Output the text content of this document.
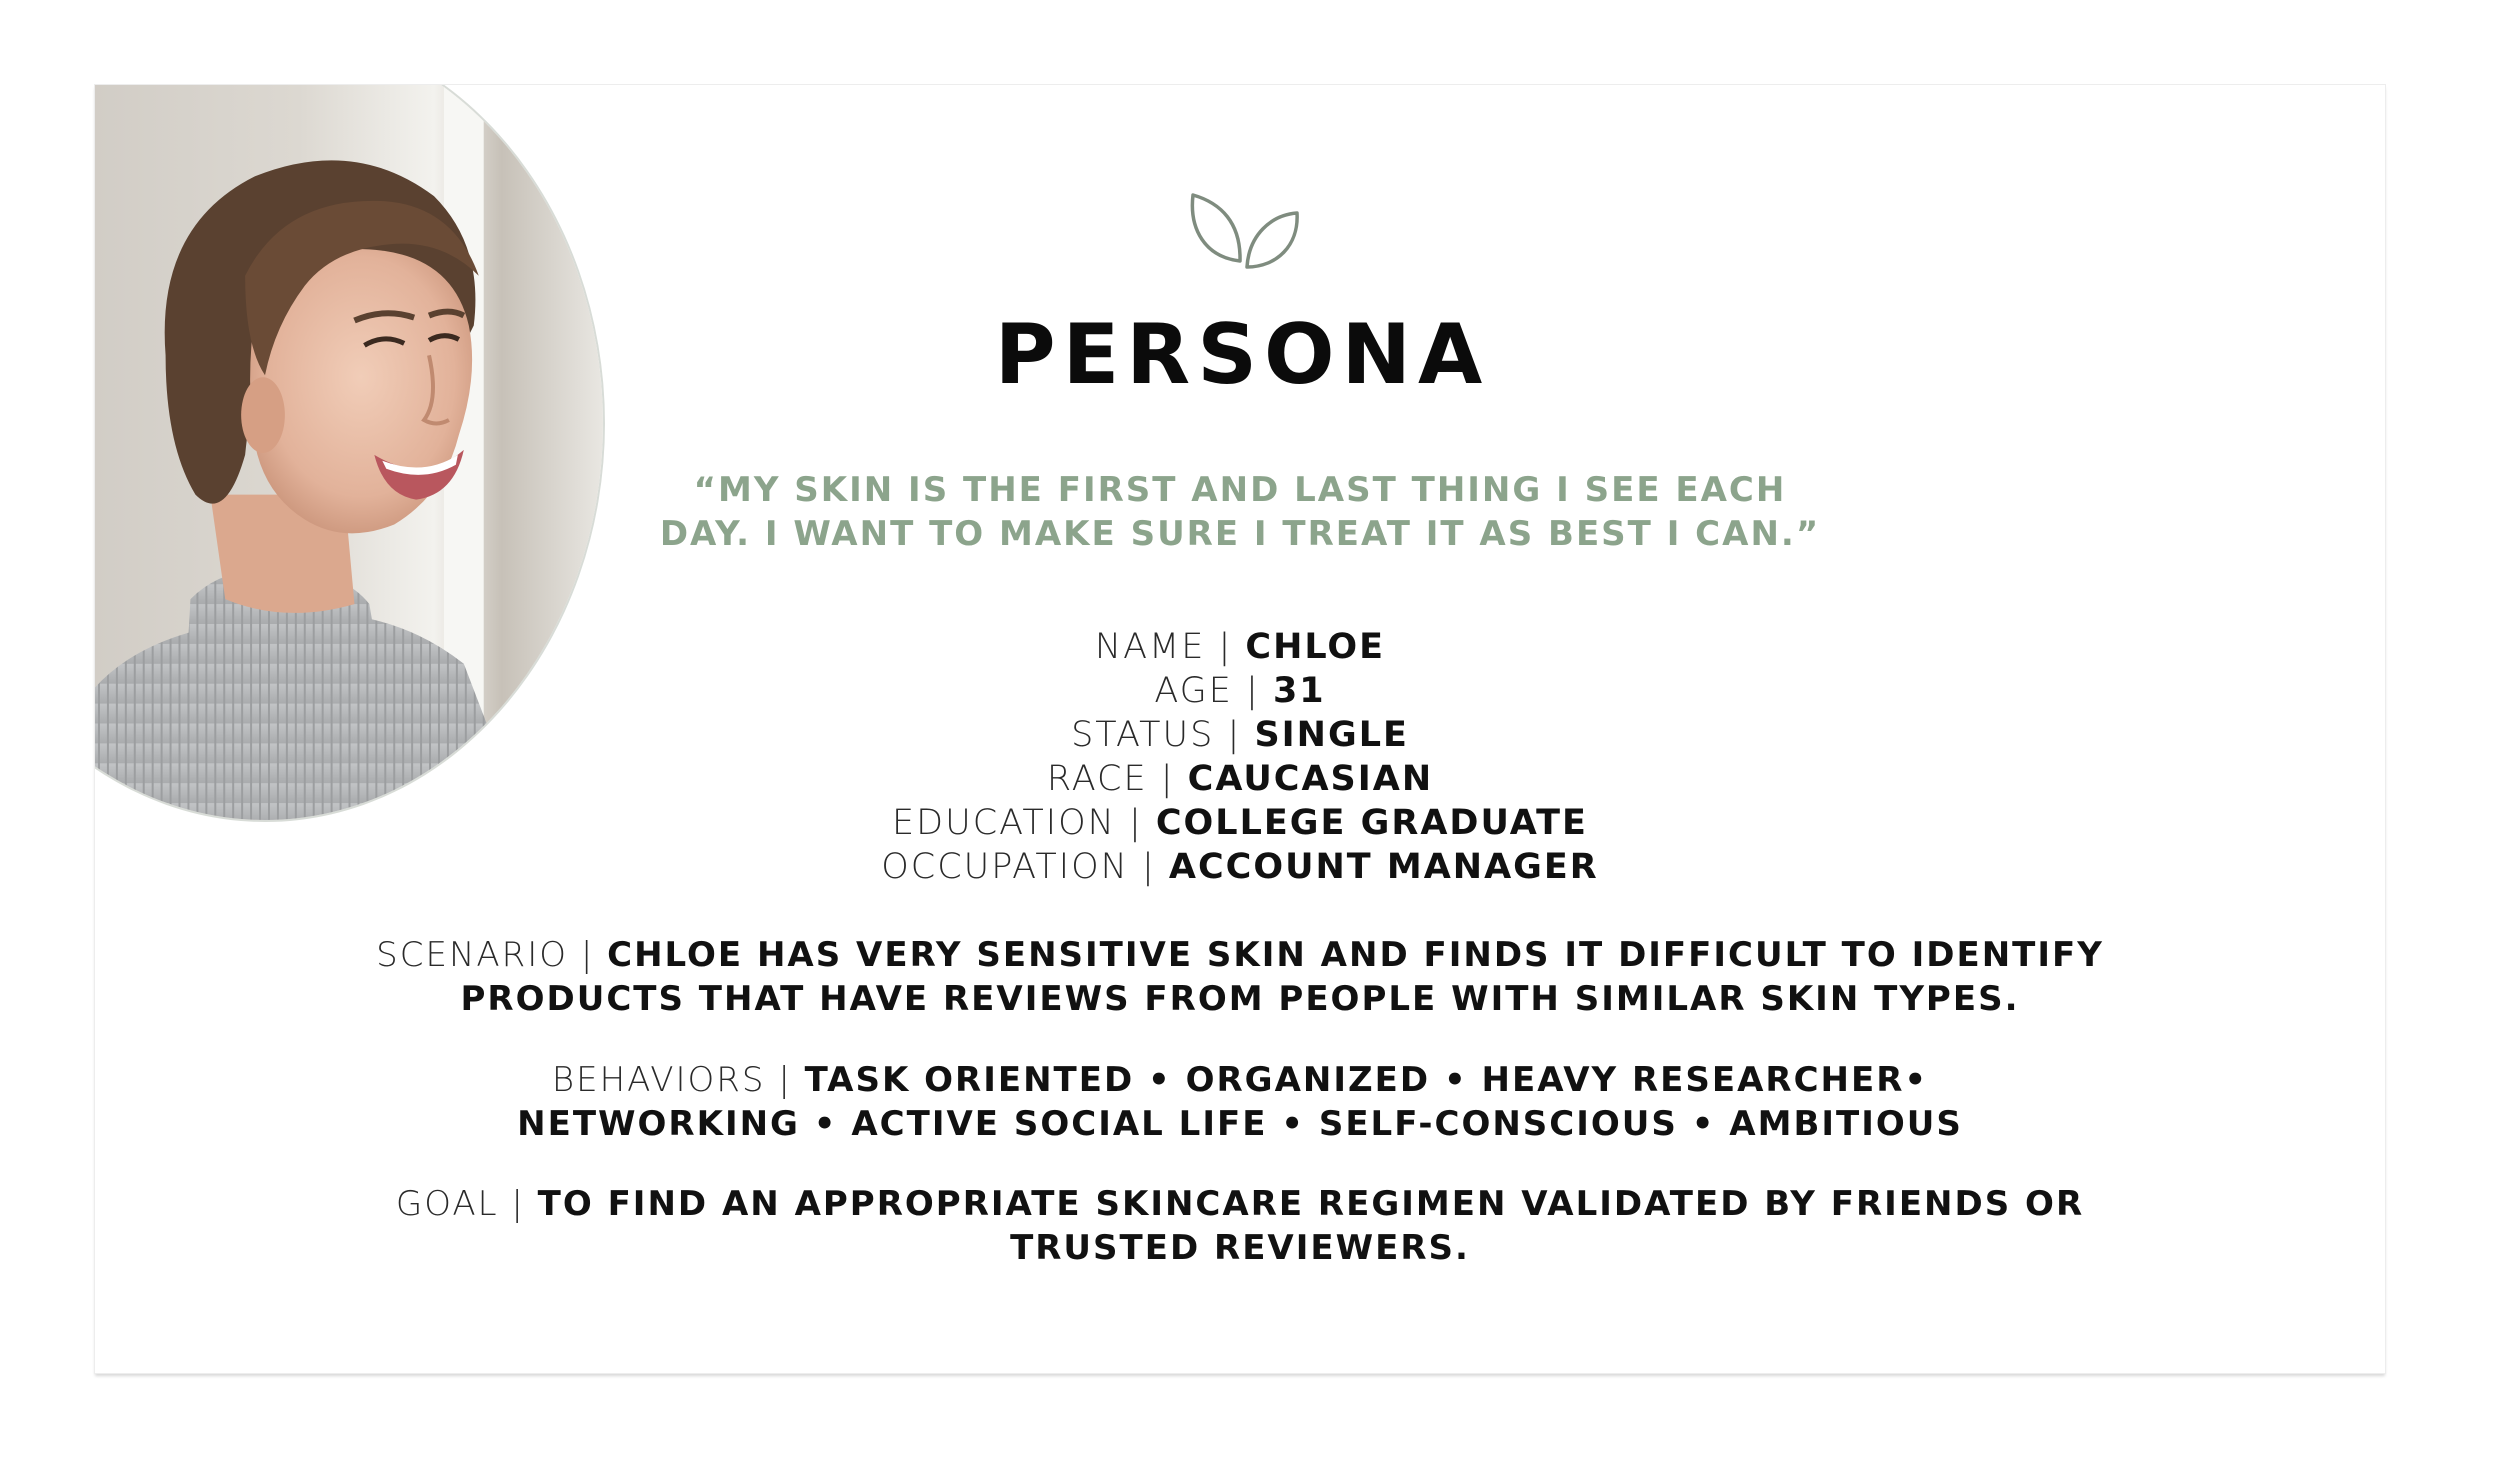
PERSONA
“MY SKIN IS THE FIRST AND LAST THING I SEE EACH
DAY. I WANT TO MAKE SURE I TREAT IT AS BEST I CAN.”
NAME | CHLOE
AGE | 31
STATUS | SINGLE
RACE | CAUCASIAN
EDUCATION | COLLEGE GRADUATE
OCCUPATION | ACCOUNT MANAGER
SCENARIO | CHLOE HAS VERY SENSITIVE SKIN AND FINDS IT DIFFICULT TO IDENTIFY
PRODUCTS THAT HAVE REVIEWS FROM PEOPLE WITH SIMILAR SKIN TYPES.
BEHAVIORS | TASK ORIENTED • ORGANIZED • HEAVY RESEARCHER•
NETWORKING • ACTIVE SOCIAL LIFE • SELF-CONSCIOUS • AMBITIOUS
GOAL | TO FIND AN APPROPRIATE SKINCARE REGIMEN VALIDATED BY FRIENDS OR
TRUSTED REVIEWERS.
